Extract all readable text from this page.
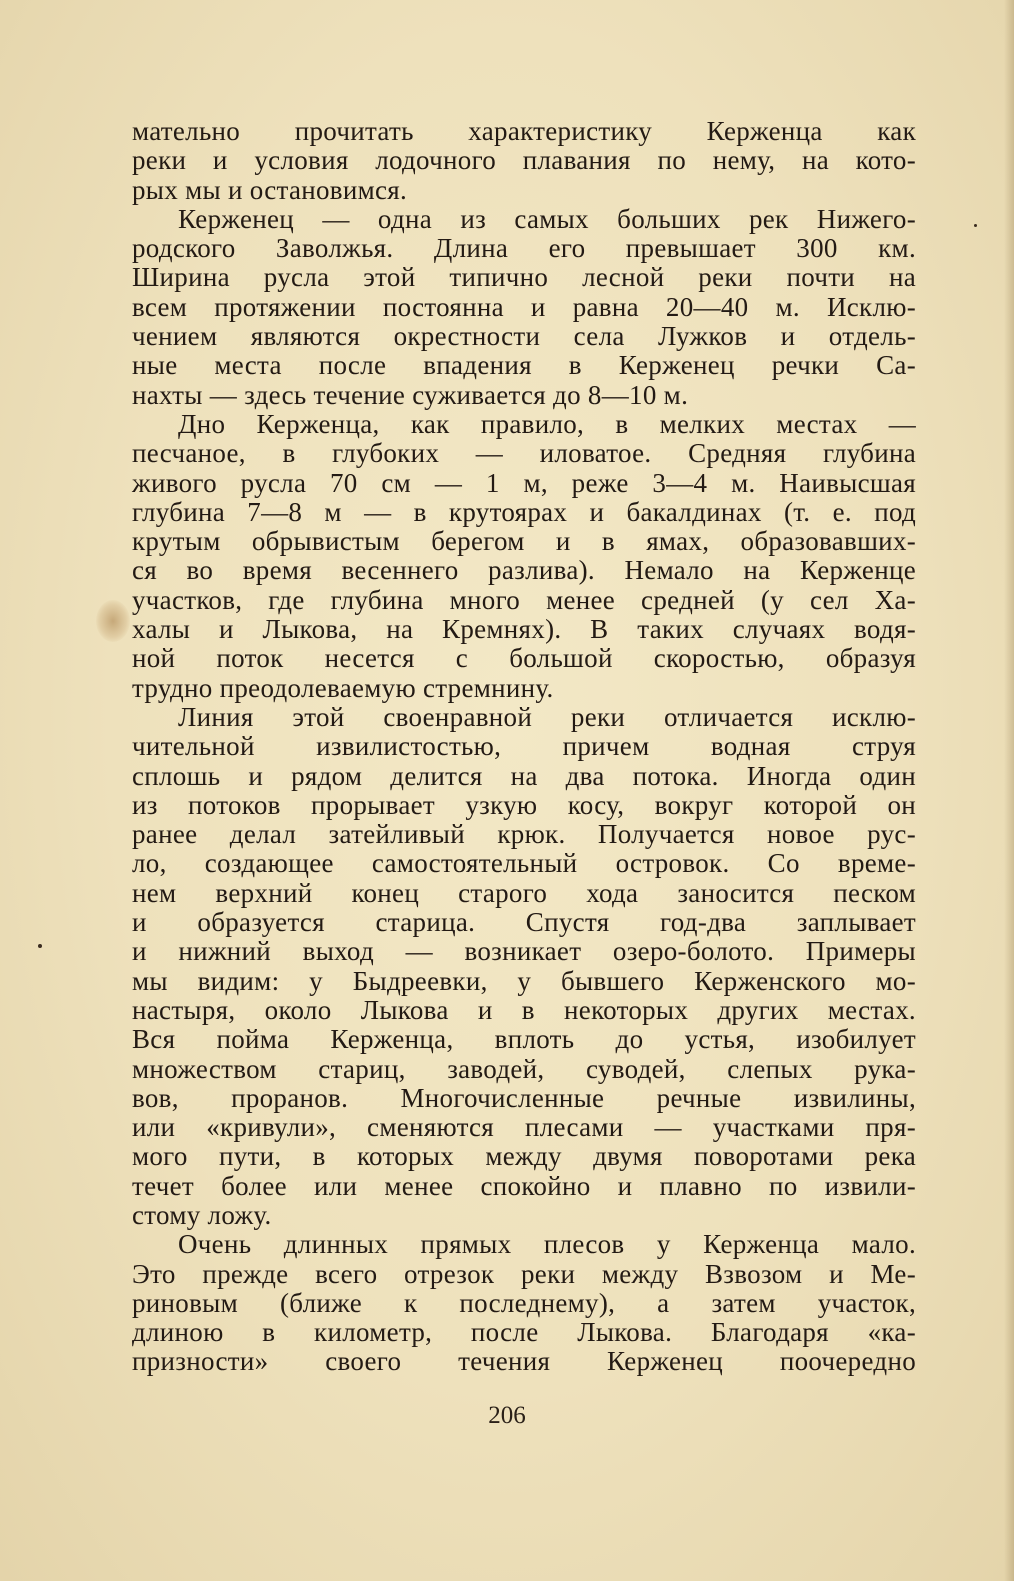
мательно прочитать характеристику Керженца как
реки и условия лодочного плавания по нему, на кото-
рых мы и остановимся.
Керженец — одна из самых больших рек Нижего-
родского Заволжья. Длина его превышает 300 км.
Ширина русла этой типично лесной реки почти на
всем протяжении постоянна и равна 20—40 м. Исклю-
чением являются окрестности села Лужков и отдель-
ные места после впадения в Керженец речки Са-
нахты — здесь течение суживается до 8—10 м.
Дно Керженца, как правило, в мелких местах —
песчаное, в глубоких — иловатое. Средняя глубина
живого русла 70 см — 1 м, реже 3—4 м. Наивысшая
глубина 7—8 м — в крутоярах и бакалдинах (т. е. под
крутым обрывистым берегом и в ямах, образовавших-
ся во время весеннего разлива). Немало на Керженце
участков, где глубина много менее средней (у сел Ха-
халы и Лыкова, на Кремнях). В таких случаях водя-
ной поток несется с большой скоростью, образуя
трудно преодолеваемую стремнину.
Линия этой своенравной реки отличается исклю-
чительной извилистостью, причем водная струя
сплошь и рядом делится на два потока. Иногда один
из потоков прорывает узкую косу, вокруг которой он
ранее делал затейливый крюк. Получается новое рус-
ло, создающее самостоятельный островок. Со време-
нем верхний конец старого хода заносится песком
и образуется старица. Спустя год-два заплывает
и нижний выход — возникает озеро-болото. Примеры
мы видим: у Быдреевки, у бывшего Керженского мо-
настыря, около Лыкова и в некоторых других местах.
Вся пойма Керженца, вплоть до устья, изобилует
множеством стариц, заводей, суводей, слепых рука-
вов, проранов. Многочисленные речные извилины,
или «кривули», сменяются плесами — участками пря-
мого пути, в которых между двумя поворотами река
течет более или менее спокойно и плавно по извили-
стому ложу.
Очень длинных прямых плесов у Керженца мало.
Это прежде всего отрезок реки между Взвозом и Ме-
риновым (ближе к последнему), а затем участок,
длиною в километр, после Лыкова. Благодаря «ка-
призности» своего течения Керженец поочередно
206
